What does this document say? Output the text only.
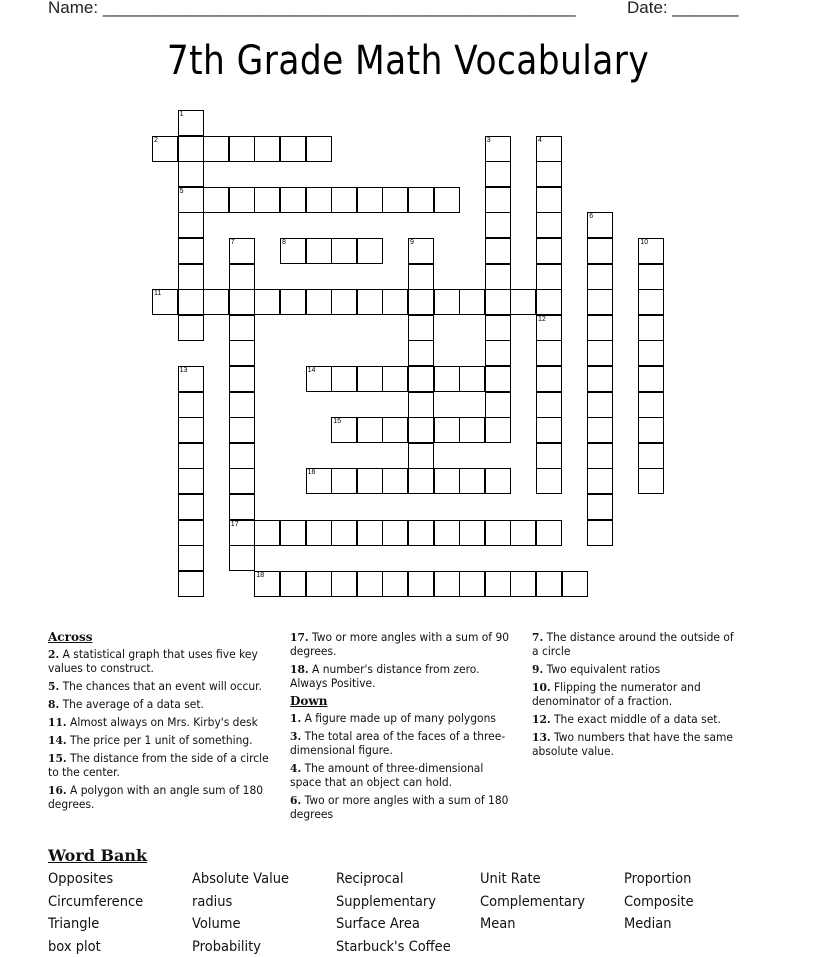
Name: __________________________________________________	Date: _______
7th Grade Math Vocabulary
1
5
2	3	4
12
6
7
17
8	9	10
11
13	14
15
16
18
Across
2. A statistical graph that uses five key values to construct.
5. The chances that an event will occur.
8. The average of a data set.
11. Almost always on Mrs. Kirby's desk
14. The price per 1 unit of something.
15. The distance from the side of a circle to the center.
16. A polygon with an angle sum of 180 degrees.
17. Two or more angles with a sum of 90 degrees.
18. A number's distance from zero. Always Positive.
Down
1. A figure made up of many polygons
3. The total area of the faces of a three-dimensional figure.
4. The amount of three-dimensional space that an object can hold.
6. Two or more angles with a sum of 180 degrees
7. The distance around the outside of a circle
9. Two equivalent ratios
10. Flipping the numerator and denominator of a fraction.
12. The exact middle of a data set.
13. Two numbers that have the same absolute value.
Word Bank
Opposites	Absolute Value	Reciprocal	Unit Rate	Proportion
Circumference	radius	Supplementary	Complementary	Composite
Triangle	Volume	Surface Area	Mean	Median
box plot	Probability	Starbuck's Coffee
